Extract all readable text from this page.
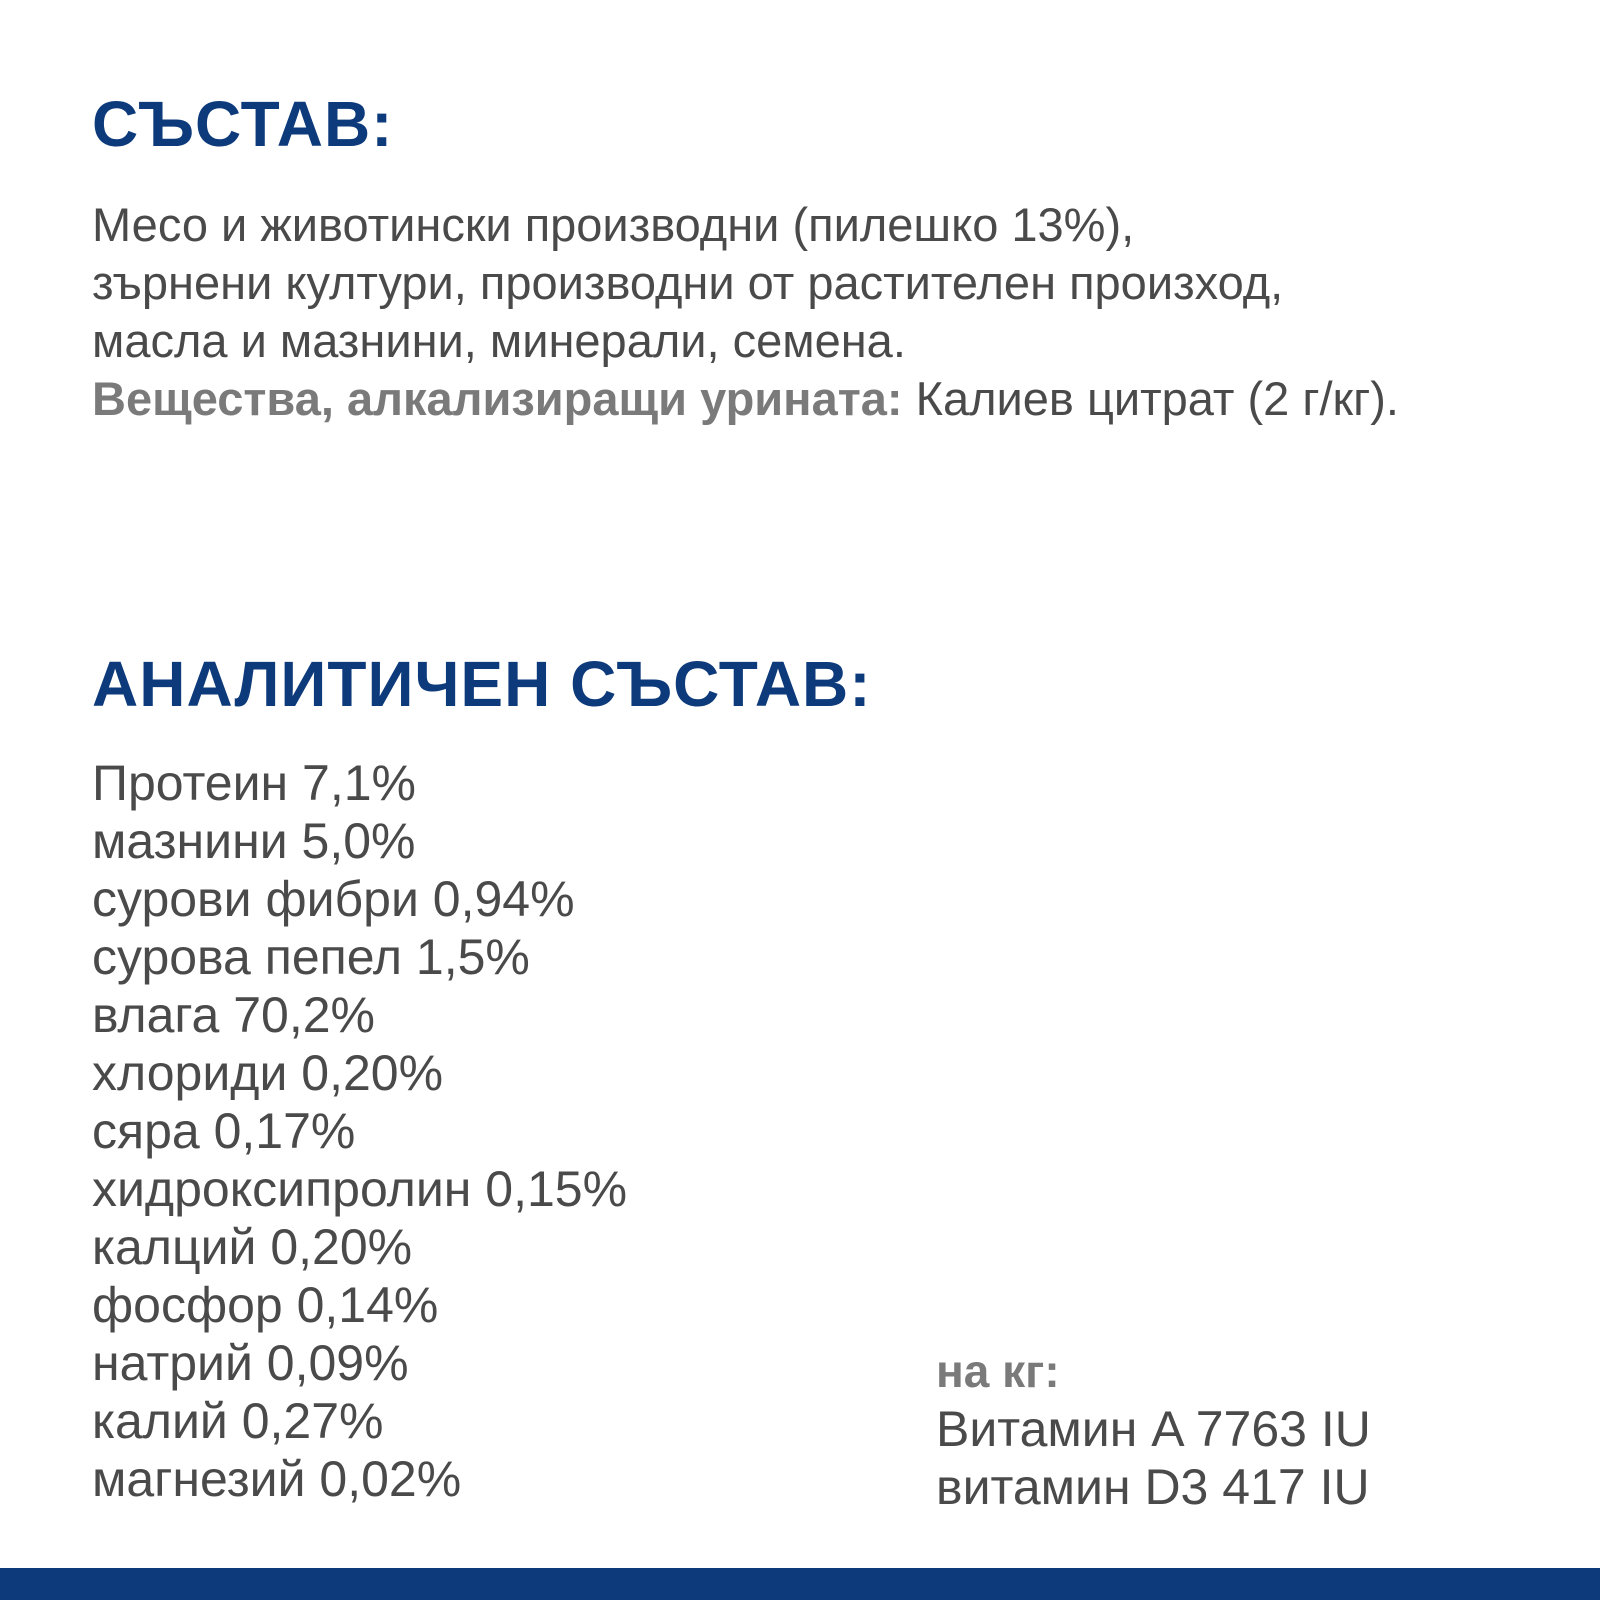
СЪСТАВ:

Месо и животински производни (пилешко 13%),
зърнени култури, производни от растителен произход,
масла и мазнини, минерали, семена.
Вещества, алкализиращи урината: Калиев цитрат (2 г/кг).

АНАЛИТИЧЕН СЪСТАВ:
Протеин 7,1%
мазнини 5,0%
сурови фибри 0,94%
сурова пепел 1,5%
влага 70,2%
хлориди 0,20%
сяра 0,17%
хидроксипролин 0,15%
калций 0,20%
фосфор 0,14%
натрий 0,09%
калий 0,27%
магнезий 0,02%
на кг:
Витамин A 7763 IU
витамин D3 417 IU
